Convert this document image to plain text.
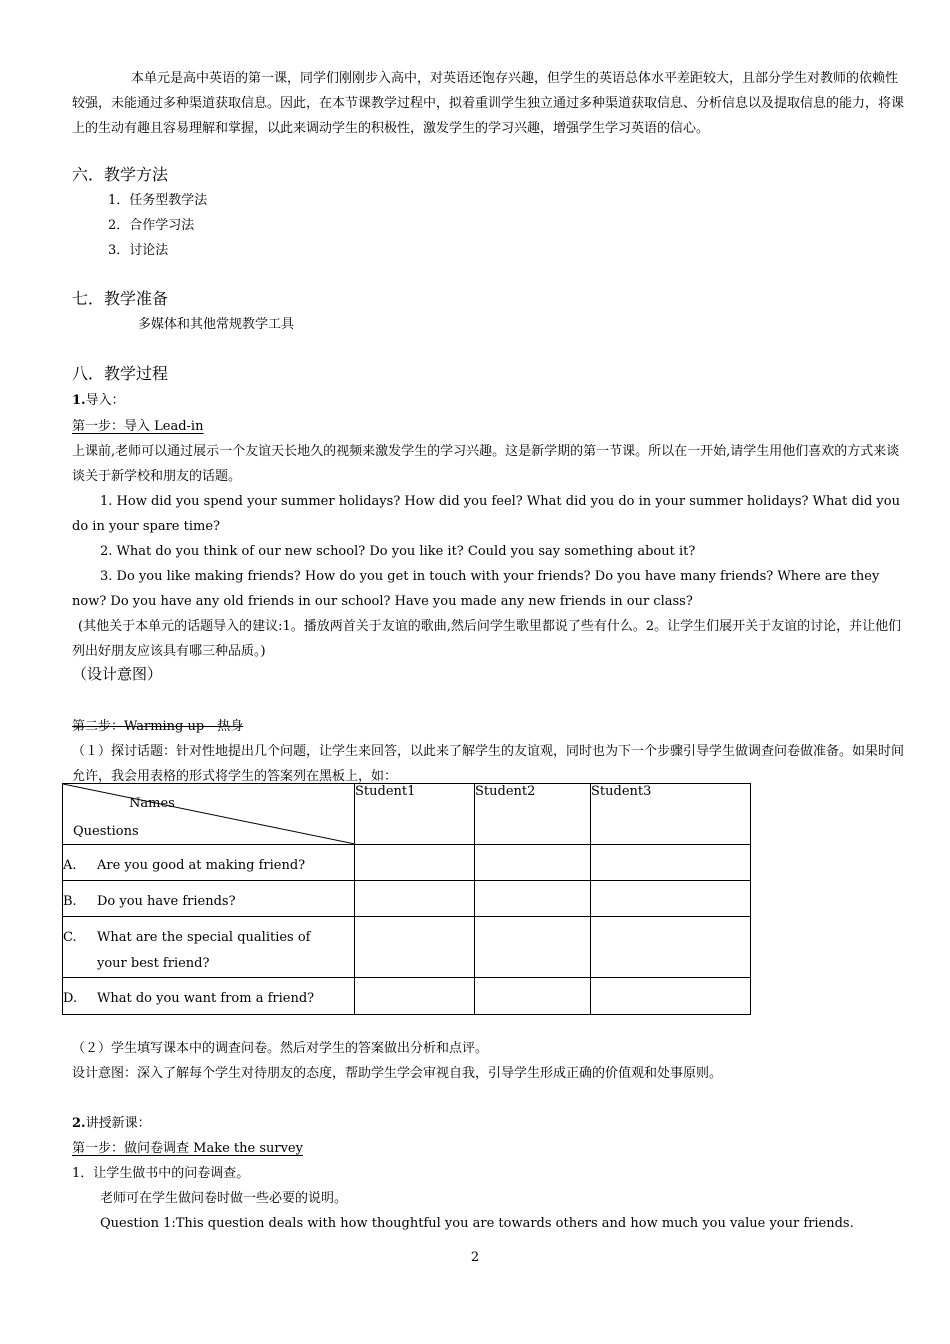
本单元是高中英语的第一课，同学们刚刚步入高中，对英语还饱存兴趣，但学生的英语总体水平差距较大，且部分学生对教师的依赖性较强，未能通过多种渠道获取信息。因此，在本节课教学过程中，拟着重训学生独立通过多种渠道获取信息、分析信息以及提取信息的能力，将课上的生动有趣且容易理解和掌握，以此来调动学生的积极性，激发学生的学习兴趣，增强学生学习英语的信心。

六．教学方法

1．任务型教学法

2．合作学习法

3．讨论法

七．教学准备

多媒体和其他常规教学工具

八．教学过程

1.导入：

第一步：导入 Lead-in

上课前,老师可以通过展示一个友谊天长地久的视频来激发学生的学习兴趣。这是新学期的第一节课。所以在一开始,请学生用他们喜欢的方式来谈谈关于新学校和朋友的话题。

1. How did you spend your summer holidays? How did you feel? What did you do in your summer holidays? What did you do in your spare time?

2. What do you think of our new school? Do you like it? Could you say something about it?

3. Do you like making friends? How do you get in touch with your friends? Do you have many friends? Where are they now? Do you have any old friends in our school? Have you made any new friends in our class?

(其他关于本单元的话题导入的建议:1。播放两首关于友谊的歌曲,然后问学生歌里都说了些有什么。2。让学生们展开关于友谊的讨论，并让他们列出好朋友应该具有哪三种品质。)

（设计意图）

第二步：Warming up　热身

（１）探讨话题：针对性地提出几个问题，让学生来回答，以此来了解学生的友谊观，同时也为下一个步骤引导学生做调查问卷做准备。如果时间允许，我会用表格的形式将学生的答案列在黑板上，如：

Names
Questions	Student1	Student2	Student3
A. Are you good at making friend?			
B. Do you have friends?			
C. What are the special qualities of your best friend?			
D. What do you want from a friend?			

（２）学生填写课本中的调查问卷。然后对学生的答案做出分析和点评。

设计意图：深入了解每个学生对待朋友的态度，帮助学生学会审视自我，引导学生形成正确的价值观和处事原则。

2.讲授新课：

第一步：做问卷调查 Make the survey

1．让学生做书中的问卷调查。

老师可在学生做问卷时做一些必要的说明。

Question 1:This question deals with how thoughtful you are towards others and how much you value your friends.

2
